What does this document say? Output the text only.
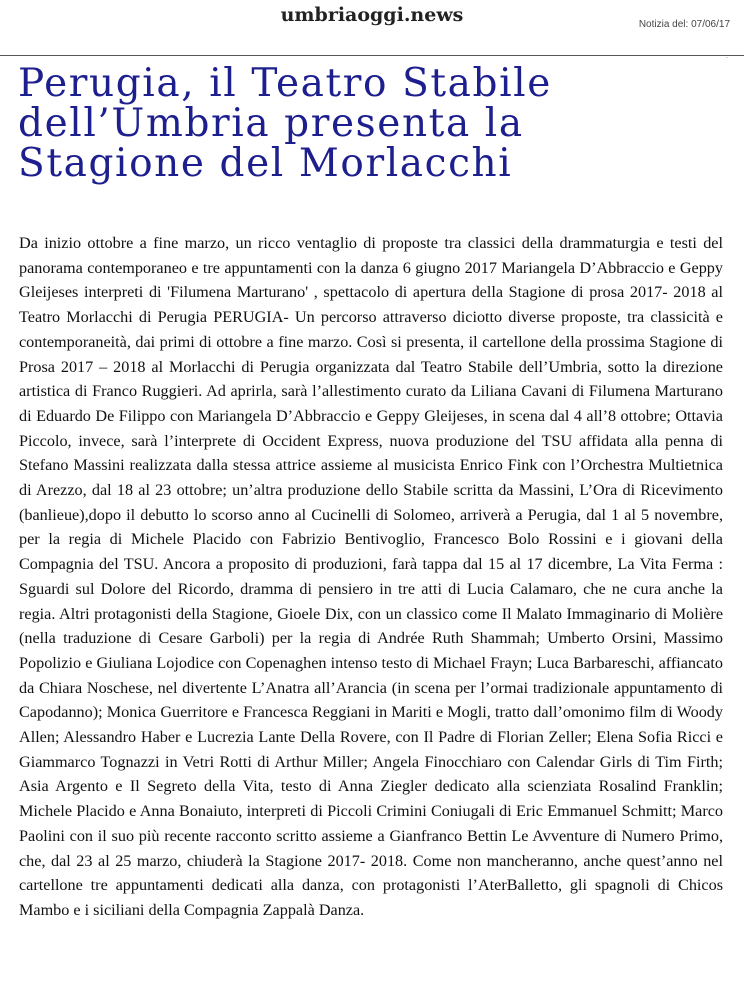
umbriaoggi.news	Notizia del: 07/06/17
.
Perugia, il Teatro Stabile dell’Umbria presenta la Stagione del Morlacchi

Da inizio ottobre a fine marzo, un ricco ventaglio di proposte tra classici della drammaturgia e testi del panorama contemporaneo e tre appuntamenti con la danza 6 giugno 2017 Mariangela D’Abbraccio e Geppy Gleijeses interpreti di 'Filumena Marturano' , spettacolo di apertura della Stagione di prosa 2017- 2018 al Teatro Morlacchi di Perugia PERUGIA- Un percorso attraverso diciotto diverse proposte, tra classicità e contemporaneità, dai primi di ottobre a fine marzo. Così si presenta, il cartellone della prossima Stagione di Prosa 2017 – 2018 al Morlacchi di Perugia organizzata dal Teatro Stabile dell’Umbria, sotto la direzione artistica di Franco Ruggieri. Ad aprirla, sarà l’allestimento curato da Liliana Cavani di Filumena Marturano di Eduardo De Filippo con Mariangela D’Abbraccio e Geppy Gleijeses, in scena dal 4 all’8 ottobre; Ottavia Piccolo, invece, sarà l’interprete di Occident Express, nuova produzione del TSU affidata alla penna di Stefano Massini realizzata dalla stessa attrice assieme al musicista Enrico Fink con l’Orchestra Multietnica di Arezzo, dal 18 al 23 ottobre; un’altra produzione dello Stabile scritta da Massini, L’Ora di Ricevimento (banlieue),dopo il debutto lo scorso anno al Cucinelli di Solomeo, arriverà a Perugia, dal 1 al 5 novembre, per la regia di Michele Placido con Fabrizio Bentivoglio, Francesco Bolo Rossini e i giovani della Compagnia del TSU. Ancora a proposito di produzioni, farà tappa dal 15 al 17 dicembre, La Vita Ferma : Sguardi sul Dolore del Ricordo, dramma di pensiero in tre atti di Lucia Calamaro, che ne cura anche la regia. Altri protagonisti della Stagione, Gioele Dix, con un classico come Il Malato Immaginario di Molière (nella traduzione di Cesare Garboli) per la regia di Andrée Ruth Shammah; Umberto Orsini, Massimo Popolizio e Giuliana Lojodice con Copenaghen intenso testo di Michael Frayn; Luca Barbareschi, affiancato da Chiara Noschese, nel divertente L’Anatra all’Arancia (in scena per l’ormai tradizionale appuntamento di Capodanno); Monica Guerritore e Francesca Reggiani in Mariti e Mogli, tratto dall’omonimo film di Woody Allen; Alessandro Haber e Lucrezia Lante Della Rovere, con Il Padre di Florian Zeller; Elena Sofia Ricci e Giammarco Tognazzi in Vetri Rotti di Arthur Miller; Angela Finocchiaro con Calendar Girls di Tim Firth; Asia Argento e Il Segreto della Vita, testo di Anna Ziegler dedicato alla scienziata Rosalind Franklin; Michele Placido e Anna Bonaiuto, interpreti di Piccoli Crimini Coniugali di Eric Emmanuel Schmitt; Marco Paolini con il suo più recente racconto scritto assieme a Gianfranco Bettin Le Avventure di Numero Primo, che, dal 23 al 25 marzo, chiuderà la Stagione 2017- 2018. Come non mancheranno, anche quest’anno nel cartellone tre appuntamenti dedicati alla danza, con protagonisti l’AterBalletto, gli spagnoli di Chicos Mambo e i siciliani della Compagnia Zappalà Danza.
